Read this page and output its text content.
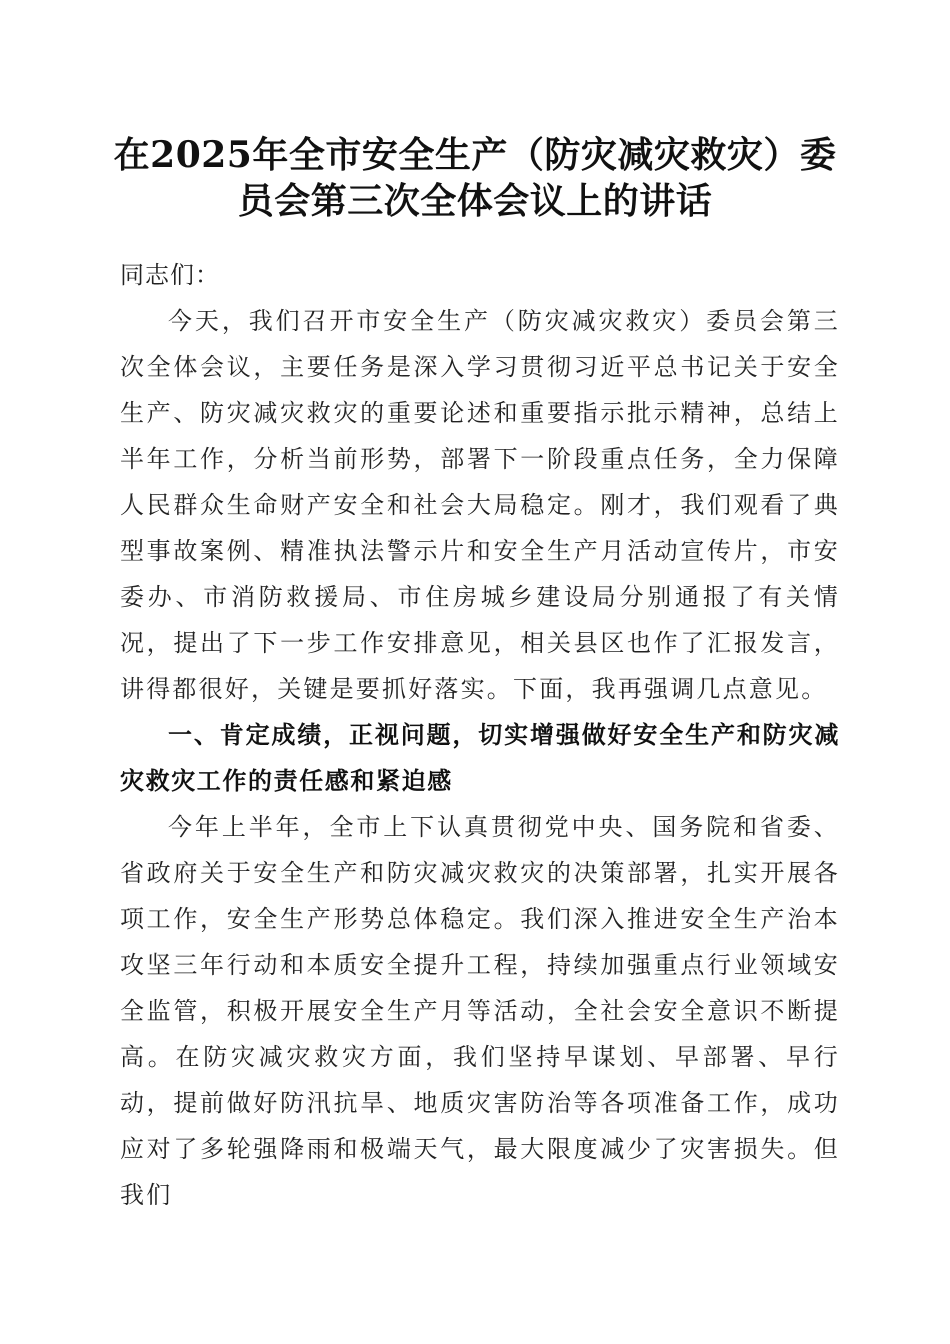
在2025年全市安全生产（防灾减灾救灾）委
员会第三次全体会议上的讲话
同志们：

今天，我们召开市安全生产（防灾减灾救灾）委员会第三次全体会议，主要任务是深入学习贯彻习近平总书记关于安全生产、防灾减灾救灾的重要论述和重要指示批示精神，总结上半年工作，分析当前形势，部署下一阶段重点任务，全力保障人民群众生命财产安全和社会大局稳定。刚才，我们观看了典型事故案例、精准执法警示片和安全生产月活动宣传片，市安委办、市消防救援局、市住房城乡建设局分别通报了有关情况，提出了下一步工作安排意见，相关县区也作了汇报发言，讲得都很好，关键是要抓好落实。下面，我再强调几点意见。

一、肯定成绩，正视问题，切实增强做好安全生产和防灾减灾救灾工作的责任感和紧迫感

今年上半年，全市上下认真贯彻党中央、国务院和省委、省政府关于安全生产和防灾减灾救灾的决策部署，扎实开展各项工作，安全生产形势总体稳定。我们深入推进安全生产治本攻坚三年行动和本质安全提升工程，持续加强重点行业领域安全监管，积极开展安全生产月等活动，全社会安全意识不断提高。在防灾减灾救灾方面，我们坚持早谋划、早部署、早行动，提前做好防汛抗旱、地质灾害防治等各项准备工作，成功应对了多轮强降雨和极端天气，最大限度减少了灾害损失。但我们
